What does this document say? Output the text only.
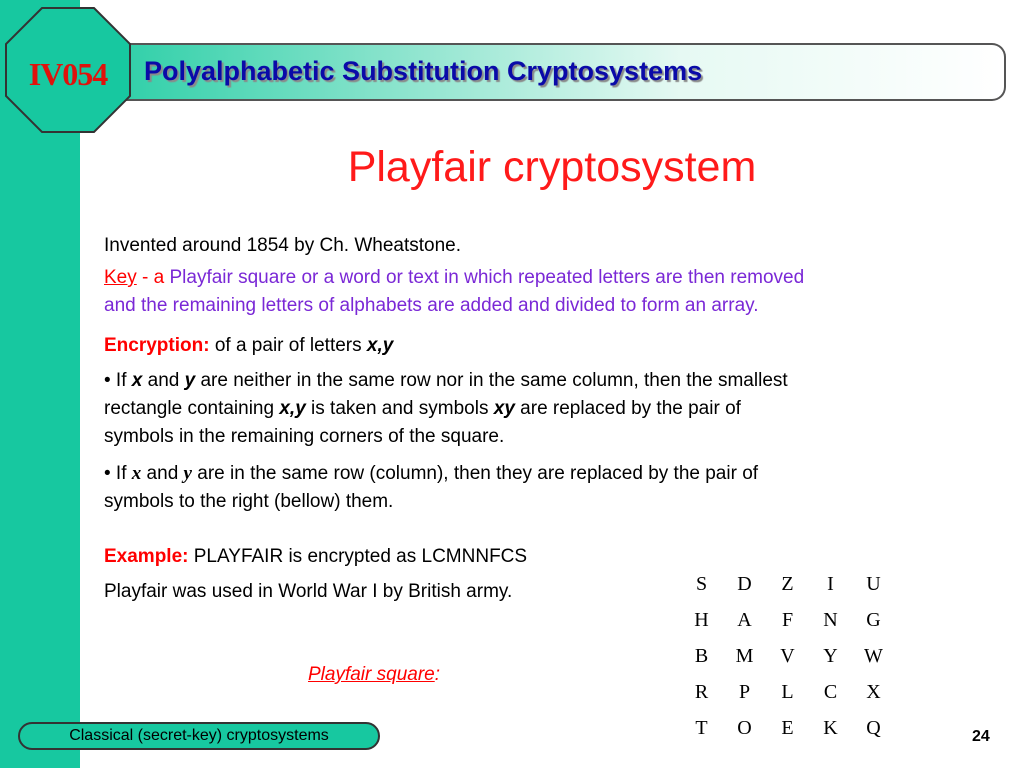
IV054	Polyalphabetic Substitution Cryptosystems
Playfair cryptosystem
Invented around 1854 by Ch. Wheatstone.
Key - a Playfair square or a word or text in which repeated letters are then removed
and the remaining letters of alphabets are added and divided to form an array.
Encryption: of a pair of letters x,y
• If x and y are neither in the same row nor in the same column, then the smallest
rectangle containing x,y is taken and symbols xy are replaced by the pair of
symbols in the remaining corners of the square.
• If x and y are in the same row (column), then they are replaced by the pair of
symbols to the right (bellow) them.
Example: PLAYFAIR is encrypted as LCMNNFCS
Playfair was used in World War I by British army.
Playfair square:
S	D	Z	I	U
H	A	F	N	G
B	M	V	Y	W
R	P	L	C	X
T	O	E	K	Q
Classical (secret-key) cryptosystems	24
